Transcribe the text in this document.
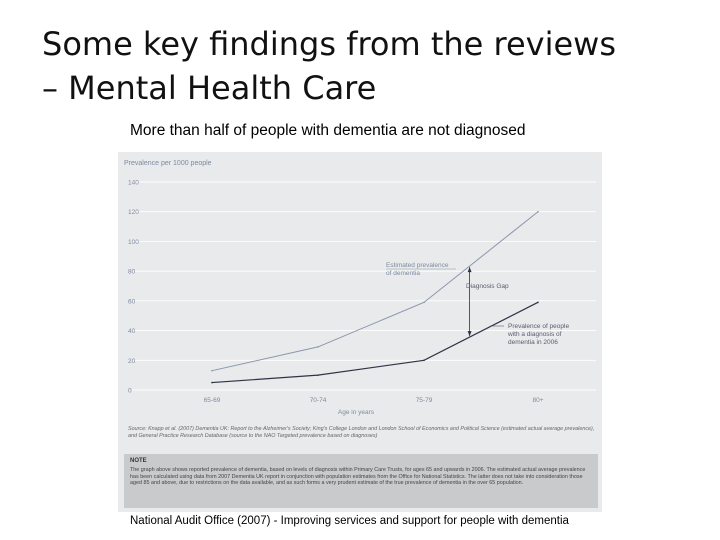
Some key findings from the reviews
– Mental Health Care
More than half of people with dementia are not diagnosed
Prevalence per 1000 people
0
20
40
60
80
100
120
140
65-69	70-74	75-79	80+
Age in years
Estimated prevalence of dementia
Diagnosis Gap
Prevalence of people with a diagnosis of dementia in 2006
Source: Knapp et al. (2007) Dementia UK: Report to the Alzheimer's Society; King's College London and London School of Economics and Political Science (estimated actual average prevalence), and General Practice Research Database (source to the NAO Targeted prevalence based on diagnoses)
NOTE
The graph above shows reported prevalence of dementia, based on levels of diagnosis within Primary Care Trusts, for ages 65 and upwards in 2006. The estimated actual average prevalence has been calculated using data from 2007 Dementia UK report in conjunction with population estimates from the Office for National Statistics. The latter does not take into consideration those aged 85 and above, due to restrictions on the data available, and as such forms a very prudent estimate of the true prevalence of dementia in the over 65 population.
National Audit Office (2007) - Improving services and support for people with dementia
